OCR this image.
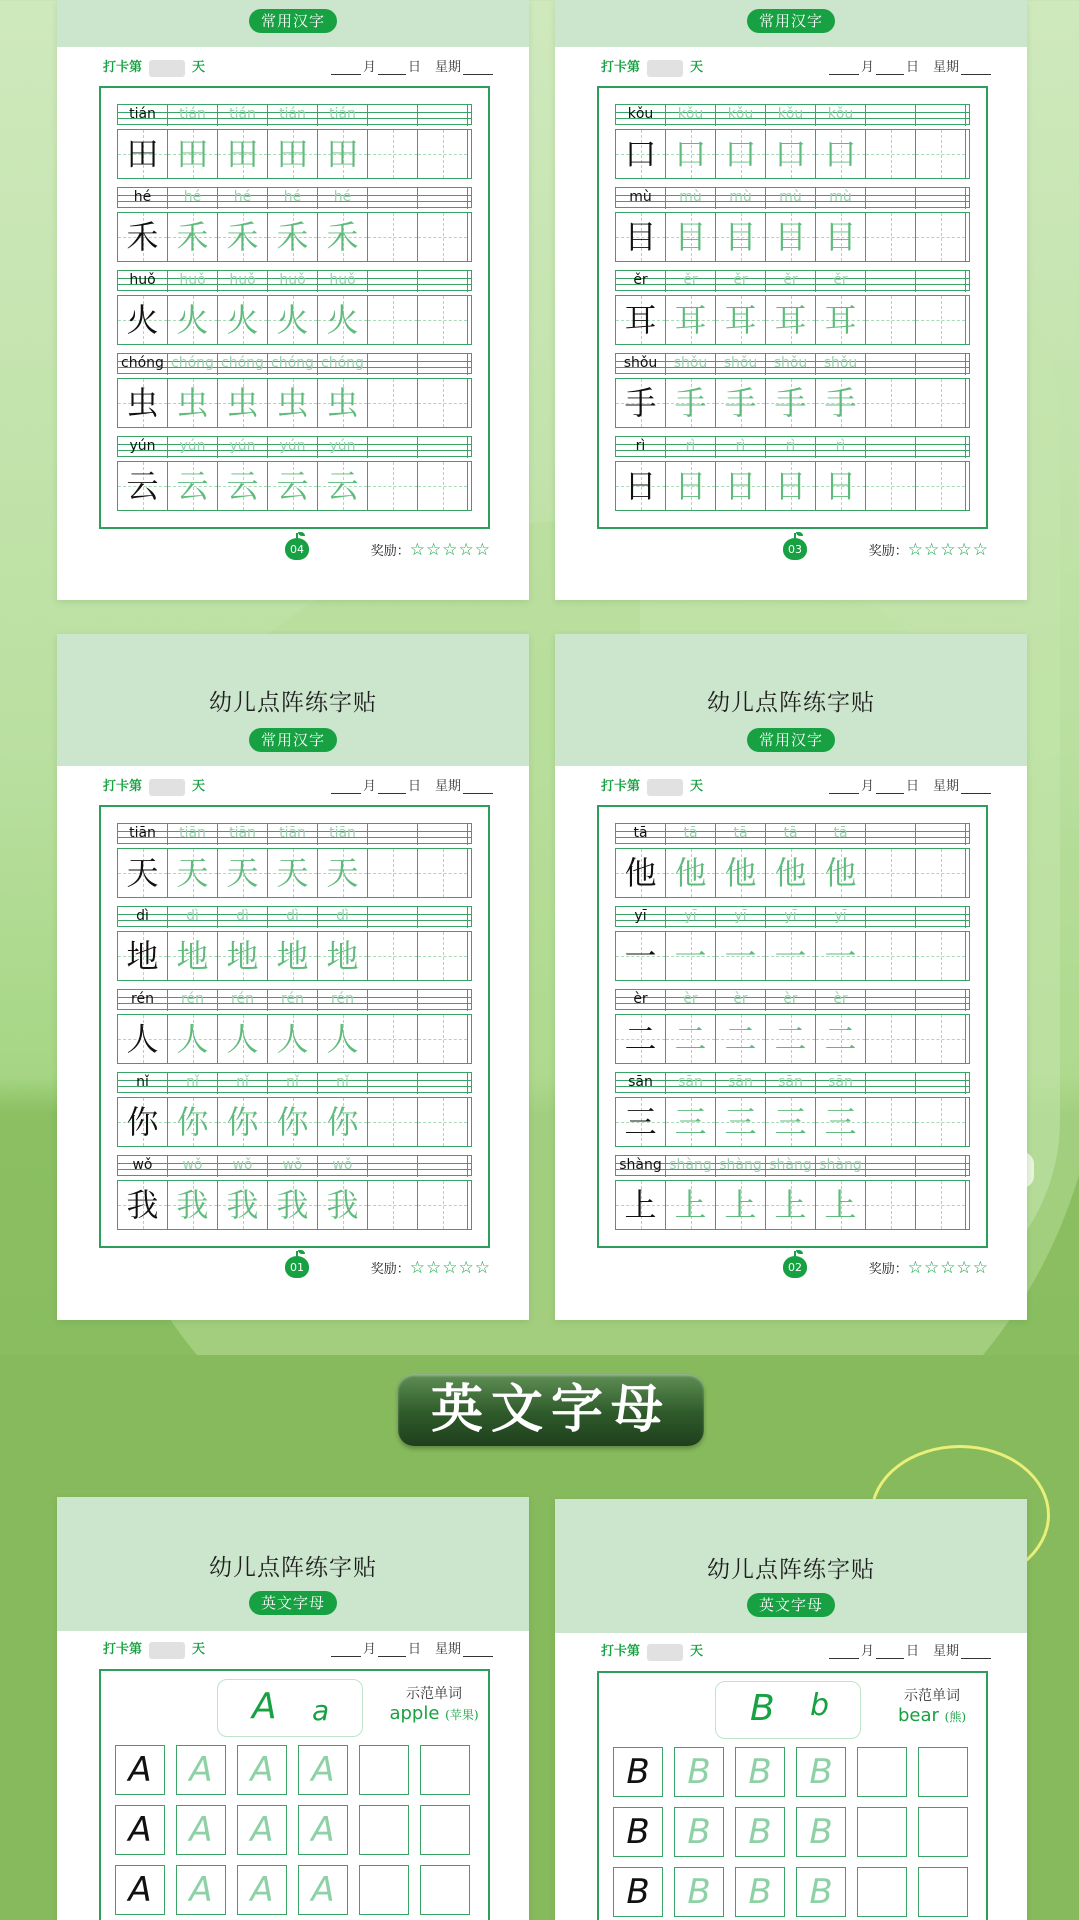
常用汉字
打卡第	天	月 日 星期
tián	tián	tián	tián	tián
田 田 田 田 田
hé	hé	hé	hé	hé
禾 禾 禾 禾 禾
huǒ	huǒ	huǒ	huǒ	huǒ
火 火 火 火 火
chóng chóng chóng chóng chóng
虫 虫 虫 虫 虫
yún	yún	yún	yún	yún
云 云 云 云 云
04	奖励：☆☆☆☆☆
常用汉字
打卡第	天	月 日 星期
kǒu	kǒu	kǒu	kǒu	kǒu
口 口 口 口 口
mù	mù	mù	mù	mù
目 目 目 目 目
ěr	ěr	ěr	ěr	ěr
耳 耳 耳 耳 耳
shǒu	shǒu	shǒu	shǒu	shǒu
手 手 手 手 手
rì	rì	rì	rì	rì
日 日 日 日 日
03	奖励：☆☆☆☆☆
幼儿点阵练字贴
常用汉字
打卡第	天	月 日 星期
tiān	tiān	tiān	tiān	tiān
天 天 天 天 天
dì	dì	dì	dì	dì
地 地 地 地 地
rén	rén	rén	rén	rén
人 人 人 人 人
nǐ	nǐ	nǐ	nǐ	nǐ
你 你 你 你 你
wǒ	wǒ	wǒ	wǒ	wǒ
我 我 我 我 我
01	奖励：☆☆☆☆☆
幼儿点阵练字贴
常用汉字
打卡第	天	月 日 星期
tā	tā	tā	tā	tā
他 他 他 他 他
yī	yī	yī	yī	yī
一 一 一 一 一
èr	èr	èr	èr	èr
二 二 二 二 二
sān	sān	sān	sān	sān
三 三 三 三 三
shàng shàng shàng shàng shàng
上 上 上 上 上
02	奖励：☆☆☆☆☆
英文字母
幼儿点阵练字贴
英文字母
打卡第	天	月 日 星期
A a	示范单词
apple (苹果)
A	A	A	A
A	A	A	A
A	A	A	A
幼儿点阵练字贴
英文字母
打卡第	天	月 日 星期
B b	示范单词
bear (熊)
B	B	B	B
B	B	B	B
B	B	B	B
